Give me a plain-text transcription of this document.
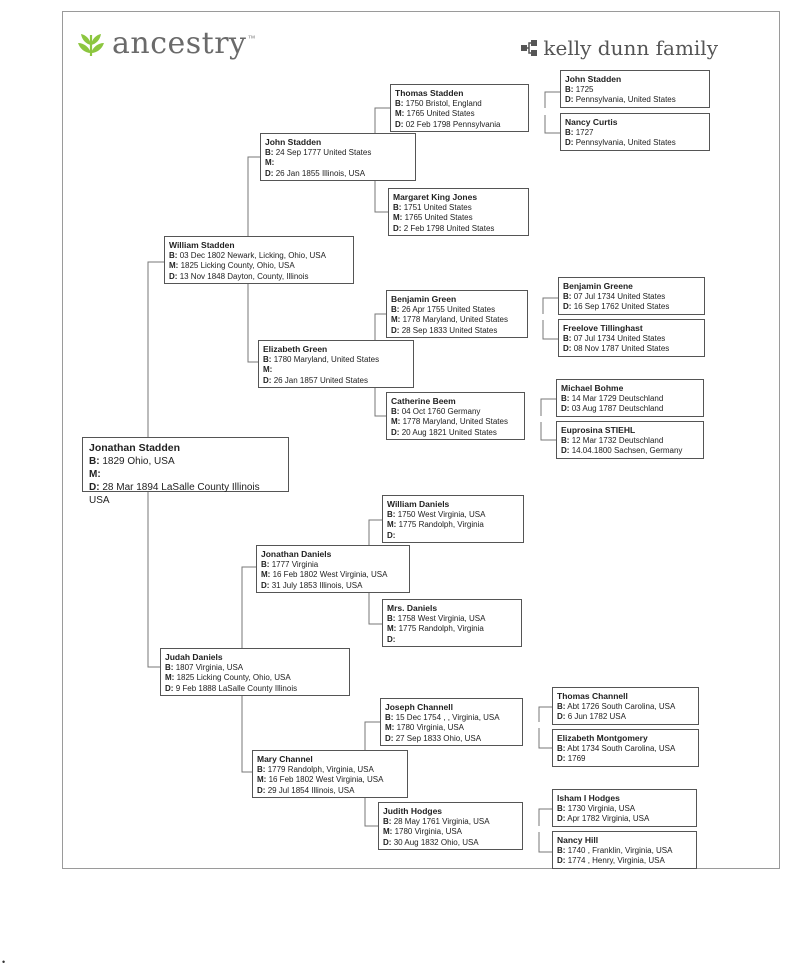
ancestry ™	kelly dunn family
Jonathan Stadden
B: 1829 Ohio, USA
M:
D: 28 Mar 1894 LaSalle County Illinois USA
William Stadden
B: 03 Dec 1802 Newark, Licking, Ohio, USA
M: 1825 Licking County, Ohio, USA
D: 13 Nov 1848 Dayton, County, Illinois
Judah Daniels
B: 1807 Virginia, USA
M: 1825 Licking County, Ohio, USA
D: 9 Feb 1888 LaSalle County Illinois
John Stadden
B: 24 Sep 1777 United States
M:
D: 26 Jan 1855 Illinois, USA
Elizabeth Green
B: 1780 Maryland, United States
M:
D: 26 Jan 1857 United States
Jonathan Daniels
B: 1777 Virginia
M: 16 Feb 1802 West Virginia, USA
D: 31 July 1853 Illinois, USA
Mary Channel
B: 1779 Randolph, Virginia, USA
M: 16 Feb 1802 West Virginia, USA
D: 29 Jul 1854 Illinois, USA
Thomas Stadden
B: 1750 Bristol, England
M: 1765 United States
D: 02 Feb 1798 Pennsylvania
Margaret King Jones
B: 1751 United States
M: 1765 United States
D: 2 Feb 1798 United States
Benjamin Green
B: 26 Apr 1755 United States
M: 1778 Maryland, United States
D: 28 Sep 1833 United States
Catherine Beem
B: 04 Oct 1760 Germany
M: 1778 Maryland, United States
D: 20 Aug 1821 United States
William Daniels
B: 1750 West Virginia, USA
M: 1775 Randolph, Virginia
D:
Mrs. Daniels
B: 1758 West Virginia, USA
M: 1775 Randolph, Virginia
D:
Joseph Channell
B: 15 Dec 1754 , , Virginia, USA
M: 1780 Virginia, USA
D: 27 Sep 1833 Ohio, USA
Judith Hodges
B: 28 May 1761 Virginia, USA
M: 1780 Virginia, USA
D: 30 Aug 1832 Ohio, USA
John Stadden
B: 1725
D: Pennsylvania, United States
Nancy Curtis
B: 1727
D: Pennsylvania, United States
Benjamin Greene
B: 07 Jul 1734 United States
D: 16 Sep 1762 United States
Freelove Tillinghast
B: 07 Jul 1734 United States
D: 08 Nov 1787 United States
Michael Bohme
B: 14 Mar 1729 Deutschland
D: 03 Aug 1787 Deutschland
Euprosina STIEHL
B: 12 Mar 1732 Deutschland
D: 14.04.1800 Sachsen, Germany
Thomas Channell
B: Abt 1726 South Carolina, USA
D: 6 Jun 1782 USA
Elizabeth Montgomery
B: Abt 1734 South Carolina, USA
D: 1769
Isham I Hodges
B: 1730 Virginia, USA
D: Apr 1782 Virginia, USA
Nancy Hill
B: 1740 , Franklin, Virginia, USA
D: 1774 , Henry, Virginia, USA
•
